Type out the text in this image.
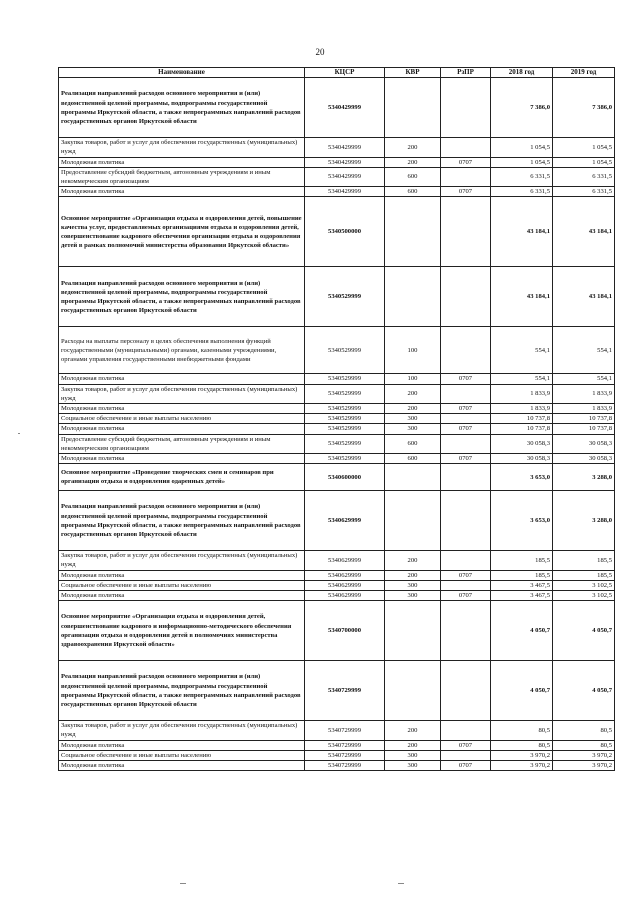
20
Наименование	КЦСР	КВР	РзПР	2018 год	2019 год
Реализация направлений расходов основного мероприятия и (или) ведомственной целевой программы, подпрограммы государственной программы Иркутской области, а также непрограммных направлений расходов государственных органов Иркутской области	5340429999			7 386,0	7 386,0
Закупка товаров, работ и услуг для обеспечения государственных (муниципальных) нужд	5340429999	200		1 054,5	1 054,5
Молодежная политика	5340429999	200	0707	1 054,5	1 054,5
Предоставление субсидий бюджетным, автономным учреждениям и иным некоммерческим организациям	5340429999	600		6 331,5	6 331,5
Молодежная политика	5340429999	600	0707	6 331,5	6 331,5
Основное мероприятие «Организация отдыха и оздоровления детей, повышение качества услуг, предоставляемых организациями отдыха и оздоровления детей, совершенствование кадрового обеспечения организации отдыха и оздоровления детей в рамках полномочий министерства образования Иркутской области»	5340500000			43 184,1	43 184,1
Реализация направлений расходов основного мероприятия и (или) ведомственной целевой программы, подпрограммы государственной программы Иркутской области, а также непрограммных направлений расходов государственных органов Иркутской области	5340529999			43 184,1	43 184,1
Расходы на выплаты персоналу в целях обеспечения выполнения функций государственными (муниципальными) органами, казенными учреждениями, органами управления государственными внебюджетными фондами	5340529999	100		554,1	554,1
Молодежная политика	5340529999	100	0707	554,1	554,1
Закупка товаров, работ и услуг для обеспечения государственных (муниципальных) нужд	5340529999	200		1 833,9	1 833,9
Молодежная политика	5340529999	200	0707	1 833,9	1 833,9
Социальное обеспечение и иные выплаты населению	5340529999	300		10 737,8	10 737,8
Молодежная политика	5340529999	300	0707	10 737,8	10 737,8
Предоставление субсидий бюджетным, автономным учреждениям и иным некоммерческим организациям	5340529999	600		30 058,3	30 058,3
Молодежная политика	5340529999	600	0707	30 058,3	30 058,3
Основное мероприятие «Проведение творческих смен и семинаров при организации отдыха и оздоровления одаренных детей»	5340600000			3 653,0	3 288,0
Реализация направлений расходов основного мероприятия и (или) ведомственной целевой программы, подпрограммы государственной программы Иркутской области, а также непрограммных направлений расходов государственных органов Иркутской области	5340629999			3 653,0	3 288,0
Закупка товаров, работ и услуг для обеспечения государственных (муниципальных) нужд	5340629999	200		185,5	185,5
Молодежная политика	5340629999	200	0707	185,5	185,5
Социальное обеспечение и иные выплаты населению	5340629999	300		3 467,5	3 102,5
Молодежная политика	5340629999	300	0707	3 467,5	3 102,5
Основное мероприятие «Организация отдыха и оздоровления детей, совершенствование кадрового и информационно-методического обеспечения организации отдыха и оздоровления детей в полномочиях министерства здравоохранения Иркутской области»	5340700000			4 050,7	4 050,7
Реализация направлений расходов основного мероприятия и (или) ведомственной целевой программы, подпрограммы государственной программы Иркутской области, а также непрограммных направлений расходов государственных органов Иркутской области	5340729999			4 050,7	4 050,7
Закупка товаров, работ и услуг для обеспечения государственных (муниципальных) нужд	5340729999	200		80,5	80,5
Молодежная политика	5340729999	200	0707	80,5	80,5
Социальное обеспечение и иные выплаты населению	5340729999	300		3 970,2	3 970,2
Молодежная политика	5340729999	300	0707	3 970,2	3 970,2
